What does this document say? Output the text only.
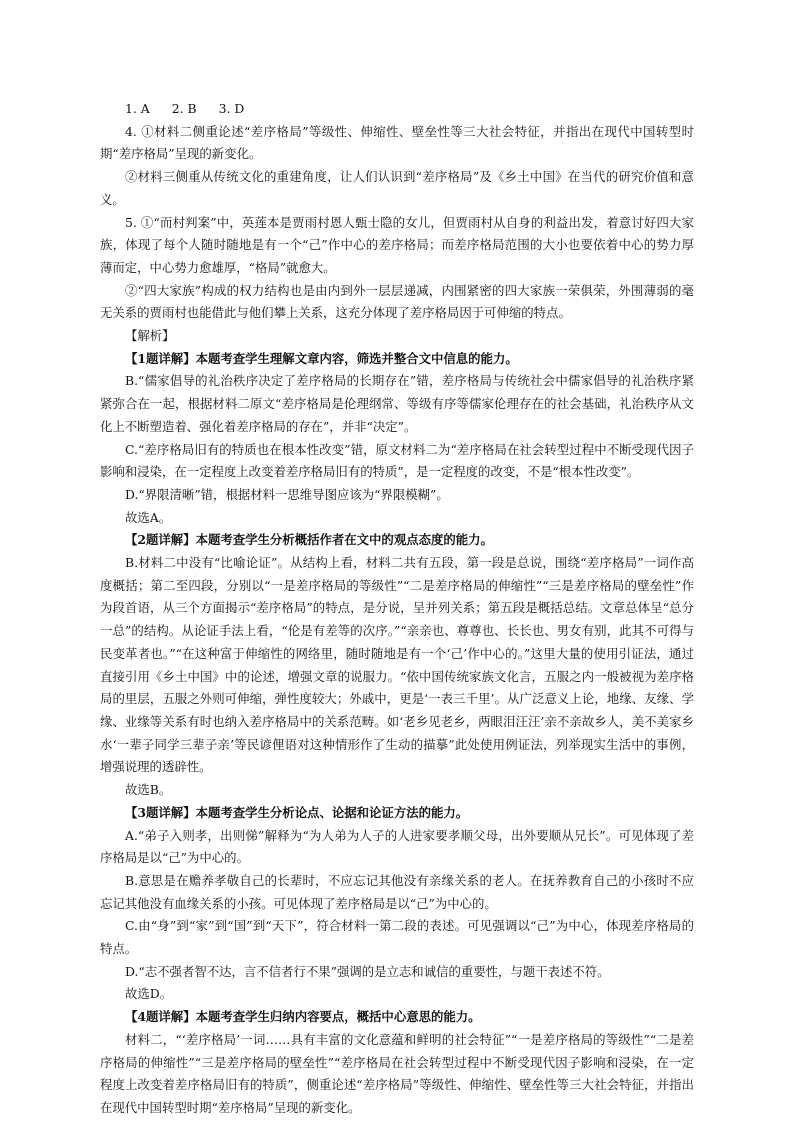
1. A 2. B 3. D

4. ①材料二侧重论述“差序格局”等级性、伸缩性、壁垒性等三大社会特征，并指出在现代中国转型时期“差序格局”呈现的新变化。

②材料三侧重从传统文化的重建角度，让人们认识到“差序格局”及《乡土中国》在当代的研究价值和意义。

5. ①“而村判案”中，英莲本是贾雨村恩人甄士隐的女儿，但贾雨村从自身的利益出发，着意讨好四大家族，体现了每个人随时随地是有一个“己”作中心的差序格局；而差序格局范围的大小也要依着中心的势力厚薄而定，中心势力愈雄厚，“格局”就愈大。

②“四大家族”构成的权力结构也是由内到外一层层递减，内围紧密的四大家族一荣俱荣，外围薄弱的毫无关系的贾雨村也能借此与他们攀上关系，这充分体现了差序格局因于可伸缩的特点。

【解析】

【1题详解】本题考查学生理解文章内容，筛选并整合文中信息的能力。

B.“儒家倡导的礼治秩序决定了差序格局的长期存在”错，差序格局与传统社会中儒家倡导的礼治秩序紧紧弥合在一起，根据材料二原文“差序格局是伦理纲常、等级有序等儒家伦理存在的社会基础，礼治秩序从文化上不断塑造着、强化着差序格局的存在”，并非“决定”。

C.“差序格局旧有的特质也在根本性改变”错，原文材料二为“差序格局在社会转型过程中不断受现代因子影响和浸染，在一定程度上改变着差序格局旧有的特质”，是一定程度的改变，不是“根本性改变”。

D.“界限清晰”错，根据材料一思维导图应该为“界限模糊”。

故选A。

【2题详解】本题考查学生分析概括作者在文中的观点态度的能力。

B.材料二中没有“比喻论证”。从结构上看，材料二共有五段，第一段是总说，围绕“差序格局”一词作高度概括；第二至四段，分别以“一是差序格局的等级性”“二是差序格局的伸缩性”“三是差序格局的壁垒性”作为段首语，从三个方面揭示“差序格局”的特点，是分说，呈并列关系；第五段是概括总结。文章总体呈“总分一总”的结构。从论证手法上看，“伦是有差等的次序。”“亲亲也、尊尊也、长长也、男女有别，此其不可得与民变革者也。”“在这种富于伸缩性的网络里，随时随地是有一个‘己’作中心的。”这里大量的使用引证法，通过直接引用《乡土中国》中的论述，增强文章的说服力。“依中国传统家族文化言，五服之内一般被视为差序格局的里层，五服之外则可伸缩，弹性度较大；外戚中，更是‘一表三千里’。从广泛意义上论，地缘、友缘、学缘、业缘等关系有时也纳入差序格局中的关系范畴。如‘老乡见老乡，两眼泪汪汪’亲不亲故乡人，美不美家乡水‘一辈子同学三辈子亲’等民谚俚语对这种情形作了生动的描摹”此处使用例证法，列举现实生活中的事例，增强说理的透辟性。

故选B。

【3题详解】本题考查学生分析论点、论据和论证方法的能力。

A.“弟子入则孝，出则悌”解释为“为人弟为人子的人进家要孝顺父母，出外要顺从兄长”。可见体现了差序格局是以“己”为中心的。

B.意思是在赡养孝敬自己的长辈时，不应忘记其他没有亲缘关系的老人。在抚养教育自己的小孩时不应忘记其他没有血缘关系的小孩。可见体现了差序格局是以“己”为中心的。

C.由“身”到“家”到“国”到“天下”，符合材料一第二段的表述。可见强调以“己”为中心，体现差序格局的特点。

D.“志不强者智不达，言不信者行不果”强调的是立志和诚信的重要性，与题干表述不符。

故选D。

【4题详解】本题考查学生归纳内容要点，概括中心意思的能力。

材料二，“‘差序格局’一词……具有丰富的文化意蕴和鲜明的社会特征”“一是差序格局的等级性”“二是差序格局的伸缩性”“三是差序格局的壁垒性”“差序格局在社会转型过程中不断受现代因子影响和浸染，在一定程度上改变着差序格局旧有的特质”，侧重论述“差序格局”等级性、伸缩性、壁垒性等三大社会特征，并指出在现代中国转型时期“差序格局”呈现的新变化。
